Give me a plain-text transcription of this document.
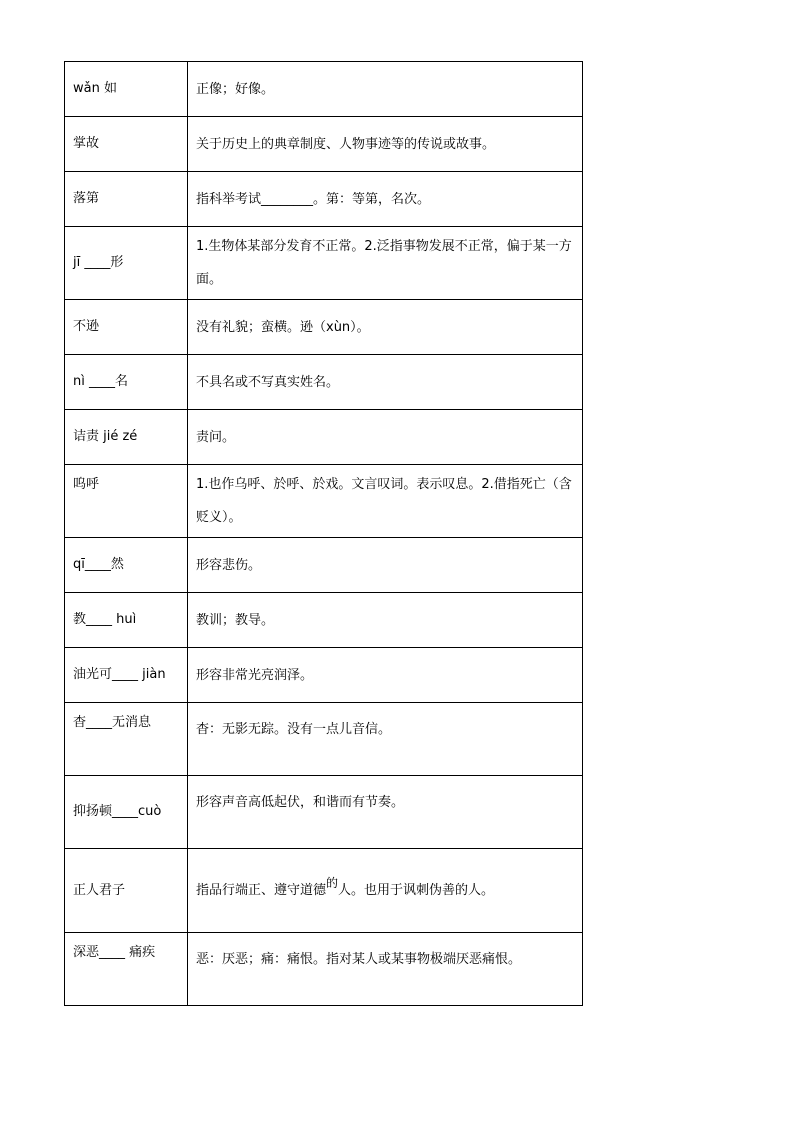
wǎn 如	正像；好像。
掌故	关于历史上的典章制度、人物事迹等的传说或故事。
落第	指科举考试________。第：等第，名次。
jī ____形	1.生物体某部分发育不正常。2.泛指事物发展不正常，偏于某一方面。
不逊	没有礼貌；蛮横。逊（xùn）。
nì ____名	不具名或不写真实姓名。
诘责 jié zé	责问。
呜呼	1.也作乌呼、於呼、於戏。文言叹词。表示叹息。2.借指死亡（含贬义）。
qī____然	形容悲伤。
教____ huì	教训；教导。
油光可____ jiàn	形容非常光亮润泽。
杳____无消息	杳：无影无踪。没有一点儿音信。
抑扬顿____cuò	形容声音高低起伏，和谐而有节奏。
正人君子	指品行端正、遵守道德的人。也用于讽刺伪善的人。
深恶____ 痛疾	恶：厌恶；痛：痛恨。指对某人或某事物极端厌恶痛恨。
